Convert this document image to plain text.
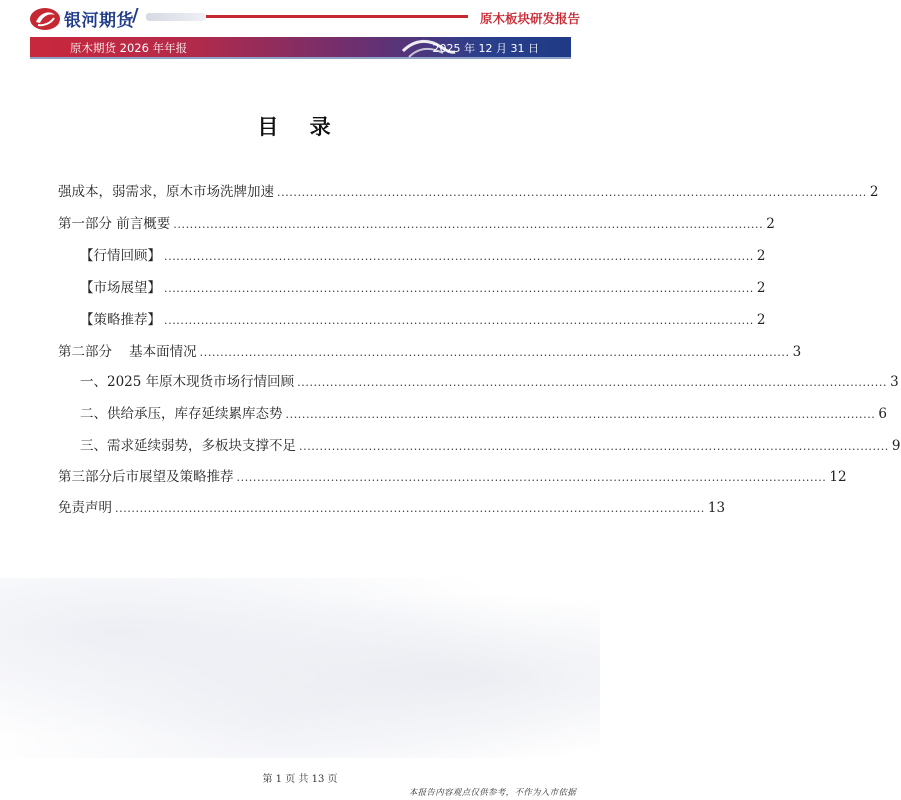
银河期货
/	原木板块研发报告
原木期货 2026 年年报	2025 年 12 月 31 日
目 录
强成本，弱需求，原木市场洗牌加速 ................................................................................................................................................ 2
第一部分 前言概要 ................................................................................................................................................ 2
【行情回顾】 ................................................................................................................................................ 2
【市场展望】 ................................................................................................................................................ 2
【策略推荐】 ................................................................................................................................................ 2
第二部分    基本面情况 ................................................................................................................................................ 3
一、2025 年原木现货市场行情回顾 ................................................................................................................................................ 3
二、供给承压，库存延续累库态势 ................................................................................................................................................ 6
三、需求延续弱势，多板块支撑不足 ................................................................................................................................................ 9
第三部分后市展望及策略推荐 ................................................................................................................................................ 12
免责声明 ................................................................................................................................................ 13
第 1 页 共 13 页
本报告内容观点仅供参考，不作为入市依据
